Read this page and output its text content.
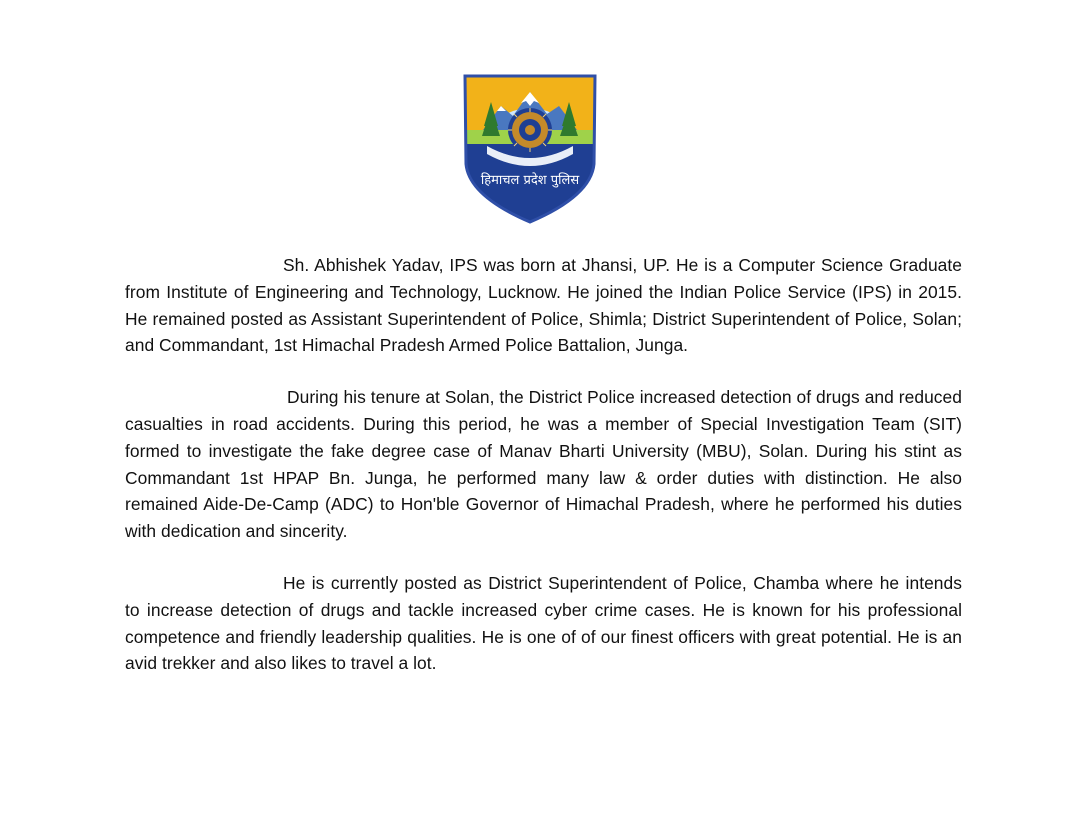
हिमाचल प्रदेश पुलिस

Sh. Abhishek Yadav, IPS was born at Jhansi, UP. He is a Computer Science Graduate from Institute of Engineering and Technology, Lucknow. He joined the Indian Police Service (IPS) in 2015. He remained posted as Assistant Superintendent of Police, Shimla; District Superintendent of Police, Solan; and Commandant, 1st Himachal Pradesh Armed Police Battalion, Junga.

During his tenure at Solan, the District Police increased detection of drugs and reduced casualties in road accidents. During this period, he was a member of Special Investigation Team (SIT) formed to investigate the fake degree case of Manav Bharti University (MBU), Solan. During his stint as Commandant 1st HPAP Bn. Junga, he performed many law & order duties with distinction. He also remained Aide-De-Camp (ADC) to Hon'ble Governor of Himachal Pradesh, where he performed his duties with dedication and sincerity.

He is currently posted as District Superintendent of Police, Chamba where he intends to increase detection of drugs and tackle increased cyber crime cases. He is known for his professional competence and friendly leadership qualities. He is one of of our finest officers with great potential. He is an avid trekker and also likes to travel a lot.
